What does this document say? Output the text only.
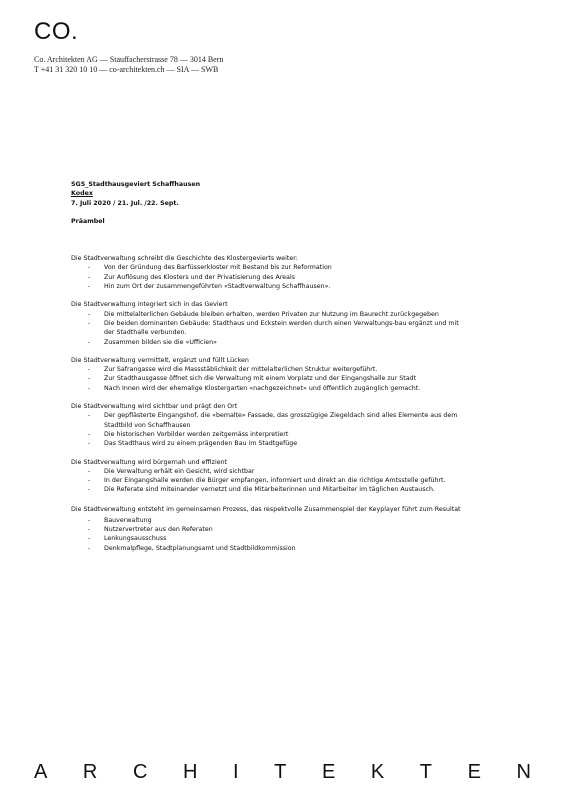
CO.
Co. Architekten AG — Stauffacherstrasse 78 — 3014 Bern
T +41 31 320 10 10 — co-architekten.ch — SIA — SWB

SGS_Stadthausgeviert Schaffhausen

Kodex

7. Juli 2020 / 21. Jul. /22. Sept.

Präambel

Die Stadtverwaltung schreibt die Geschichte des Klostergevierts weiter:

- Von der Gründung des Barfüsserkloster mit Bestand bis zur Reformation
- Zur Auflösung des Klosters und der Privatisierung des Areals
- Hin zum Ort der zusammengeführten «Stadtverwaltung Schaffhausen».

Die Stadtverwaltung integriert sich in das Geviert

- Die mittelalterlichen Gebäude bleiben erhalten, werden Privaten zur Nutzung im Baurecht zurückgegeben
- Die beiden dominanten Gebäude: Stadthaus und Eckstein werden durch einen Verwaltungs-bau ergänzt und mit der Stadthalle verbunden.
- Zusammen bilden sie die «Ufficien»

Die Stadtverwaltung vermittelt, ergänzt und füllt Lücken

- Zur Safrangasse wird die Massstäblichkeit der mittelalterlichen Struktur weitergeführt.
- Zur Stadthausgasse öffnet sich die Verwaltung mit einem Vorplatz und der Eingangshalle zur Stadt
- Nach Innen wird der ehemalige Klostergarten «nachgezeichnet» und öffentlich zugänglich gemacht.

Die Stadtverwaltung wird sichtbar und prägt den Ort

- Der gepflästerte Eingangshof, die «bemalte» Fassade, das grosszügige Ziegeldach sind alles Elemente aus dem Stadtbild von Schaffhausen
- Die historischen Vorbilder werden zeitgemäss interpretiert
- Das Stadthaus wird zu einem prägenden Bau im Stadtgefüge

Die Stadtverwaltung wird bürgernah und effizient

- Die Verwaltung erhält ein Gesicht, wird sichtbar
- In der Eingangshalle werden die Bürger empfangen, informiert und direkt an die richtige Amtsstelle geführt.
- Die Referate sind miteinander vernetzt und die Mitarbeiterinnen und Mitarbeiter im täglichen Austausch.

Die Stadtverwaltung entsteht im gemeinsamen Prozess, das respektvolle Zusammenspiel der Keyplayer führt zum Resultat

- Bauverwaltung
- Nutzervertreter aus den Referaten
- Lenkungsausschuss
- Denkmalpflege, Stadtplanungsamt und Stadtbildkommission
A R C H I T E K T E N
